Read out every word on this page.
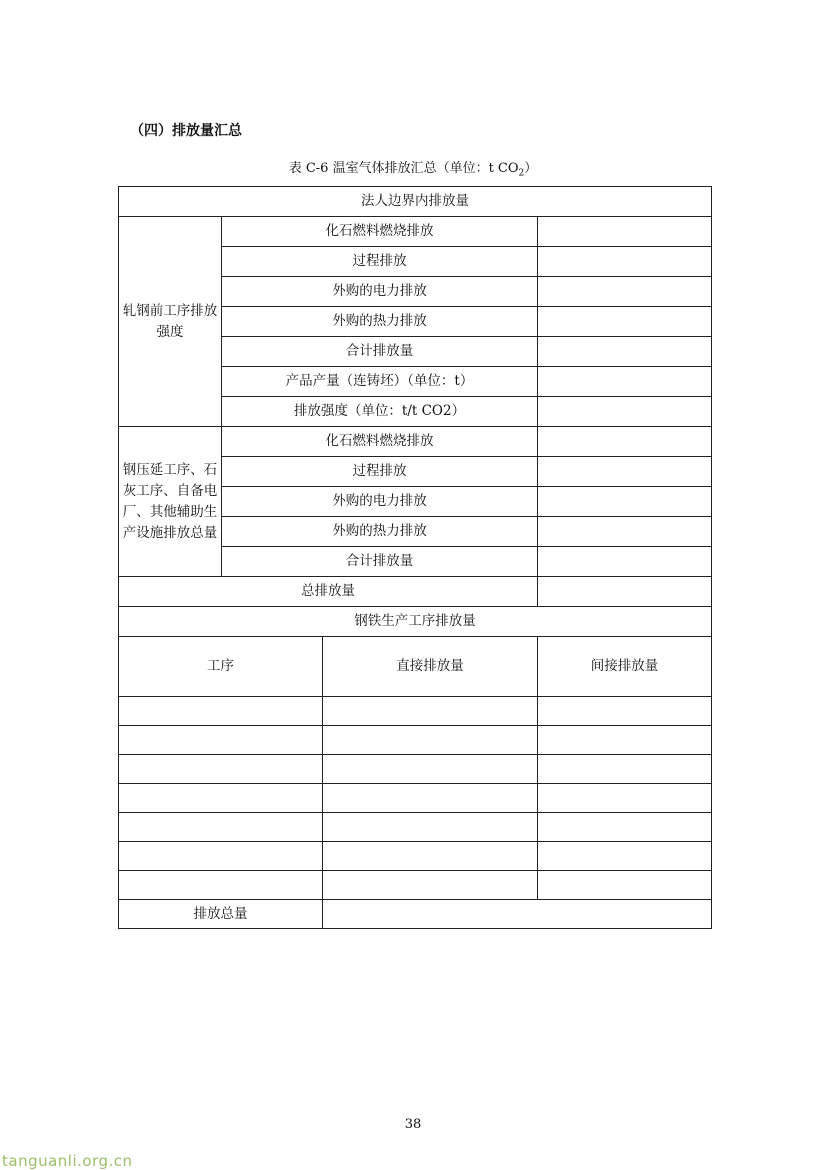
（四）排放量汇总
表 C-6 温室气体排放汇总（单位：t $CO_2$）
法人边界内排放量			
轧钢前工序排放强度	化石燃料燃烧排放		
	过程排放		
	外购的电力排放		
	外购的热力排放		
	合计排放量		
	产品产量（连铸坯）（单位：t）		
	排放强度（单位：t/t CO2）		
钢压延工序、石灰工序、自备电厂、其他辅助生产设施排放总量	化石燃料燃烧排放		
	过程排放		
	外购的电力排放		
	外购的热力排放		
	合计排放量		
总排放量			
钢铁生产工序排放量			
工序		直接排放量	间接排放量

排放总量			
38
tanguanli.org.cn
